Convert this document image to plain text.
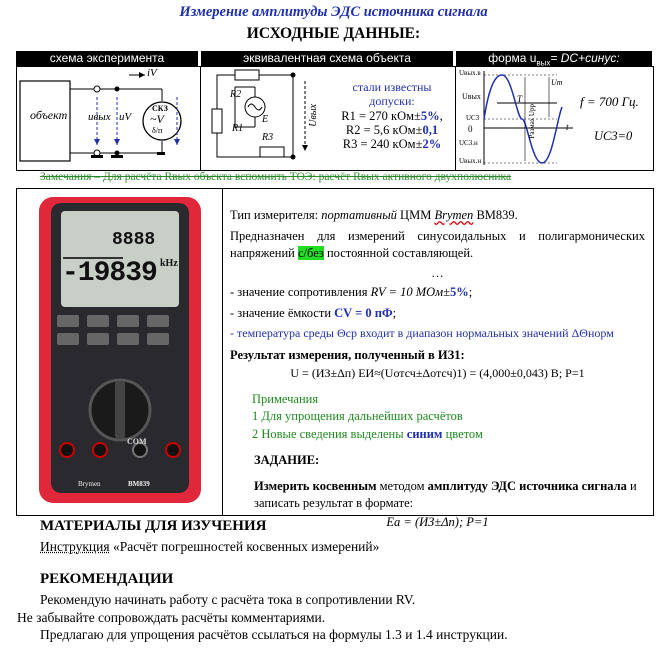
Измерение амплитуды ЭДС источника сигнала
ИСХОДНЫЕ ДАННЫЕ:
схема эксперимента	эквивалентная схема объекта	форма $u_{вых}=$ DC+синус:
объект uвых uV
iV
СКЗ
~V
δ/п
R2
R1
E
R3
Uвых
стали известны
допуски:
R1 = 270 кОм±5%,
R2 = 5,6 кОм±0,1
R3 = 240 кОм±2%
Uвых.в
Uвых
UС3
0
UС3.н
Uвых.н
T
t
Um
Размах Uрр
f = 700 Гц.
UС3=0
Замечания – Для расчёта Rвых объекта вспомнить ТОЭ: расчёт Rвых активного двухполюсника
8888
-19839 kHz
COM
Brymen	BM839

Тип измерителя: портативный ЦММ Brymen BM839.

Предназначен для измерений синусоидальных и полигармонических напряжений с/без постоянной составляющей.

…

- значение сопротивления RV = 10 МОм±5%;

- значение ёмкости CV = 0 пФ;

- температура среды Θср входит в диапазон нормальных значений ΔΘнорм

Результат измерения, полученный в ИЗ1:

U = (ИЗ±Δп) ЕИ≈(Uотсч±Δотсч)1) = (4,000±0,043) В; P=1

Примечания

1 Для упрощения дальнейших расчётов

2 Новые сведения выделены синим цветом

ЗАДАНИЕ:

Измерить косвенным методом амплитуду ЭДС источника сигнала и записать результат в формате:

Ea = (ИЗ±Δп); P=1

МАТЕРИАЛЫ ДЛЯ ИЗУЧЕНИЯ
Инструкция «Расчёт погрешностей косвенных измерений»
РЕКОМЕНДАЦИИ
Рекомендую начинать работу с расчёта тока в сопротивлении RV.
Не забывайте сопровождать расчёты комментариями.
Предлагаю для упрощения расчётов ссылаться на формулы 1.3 и 1.4 инструкции.
